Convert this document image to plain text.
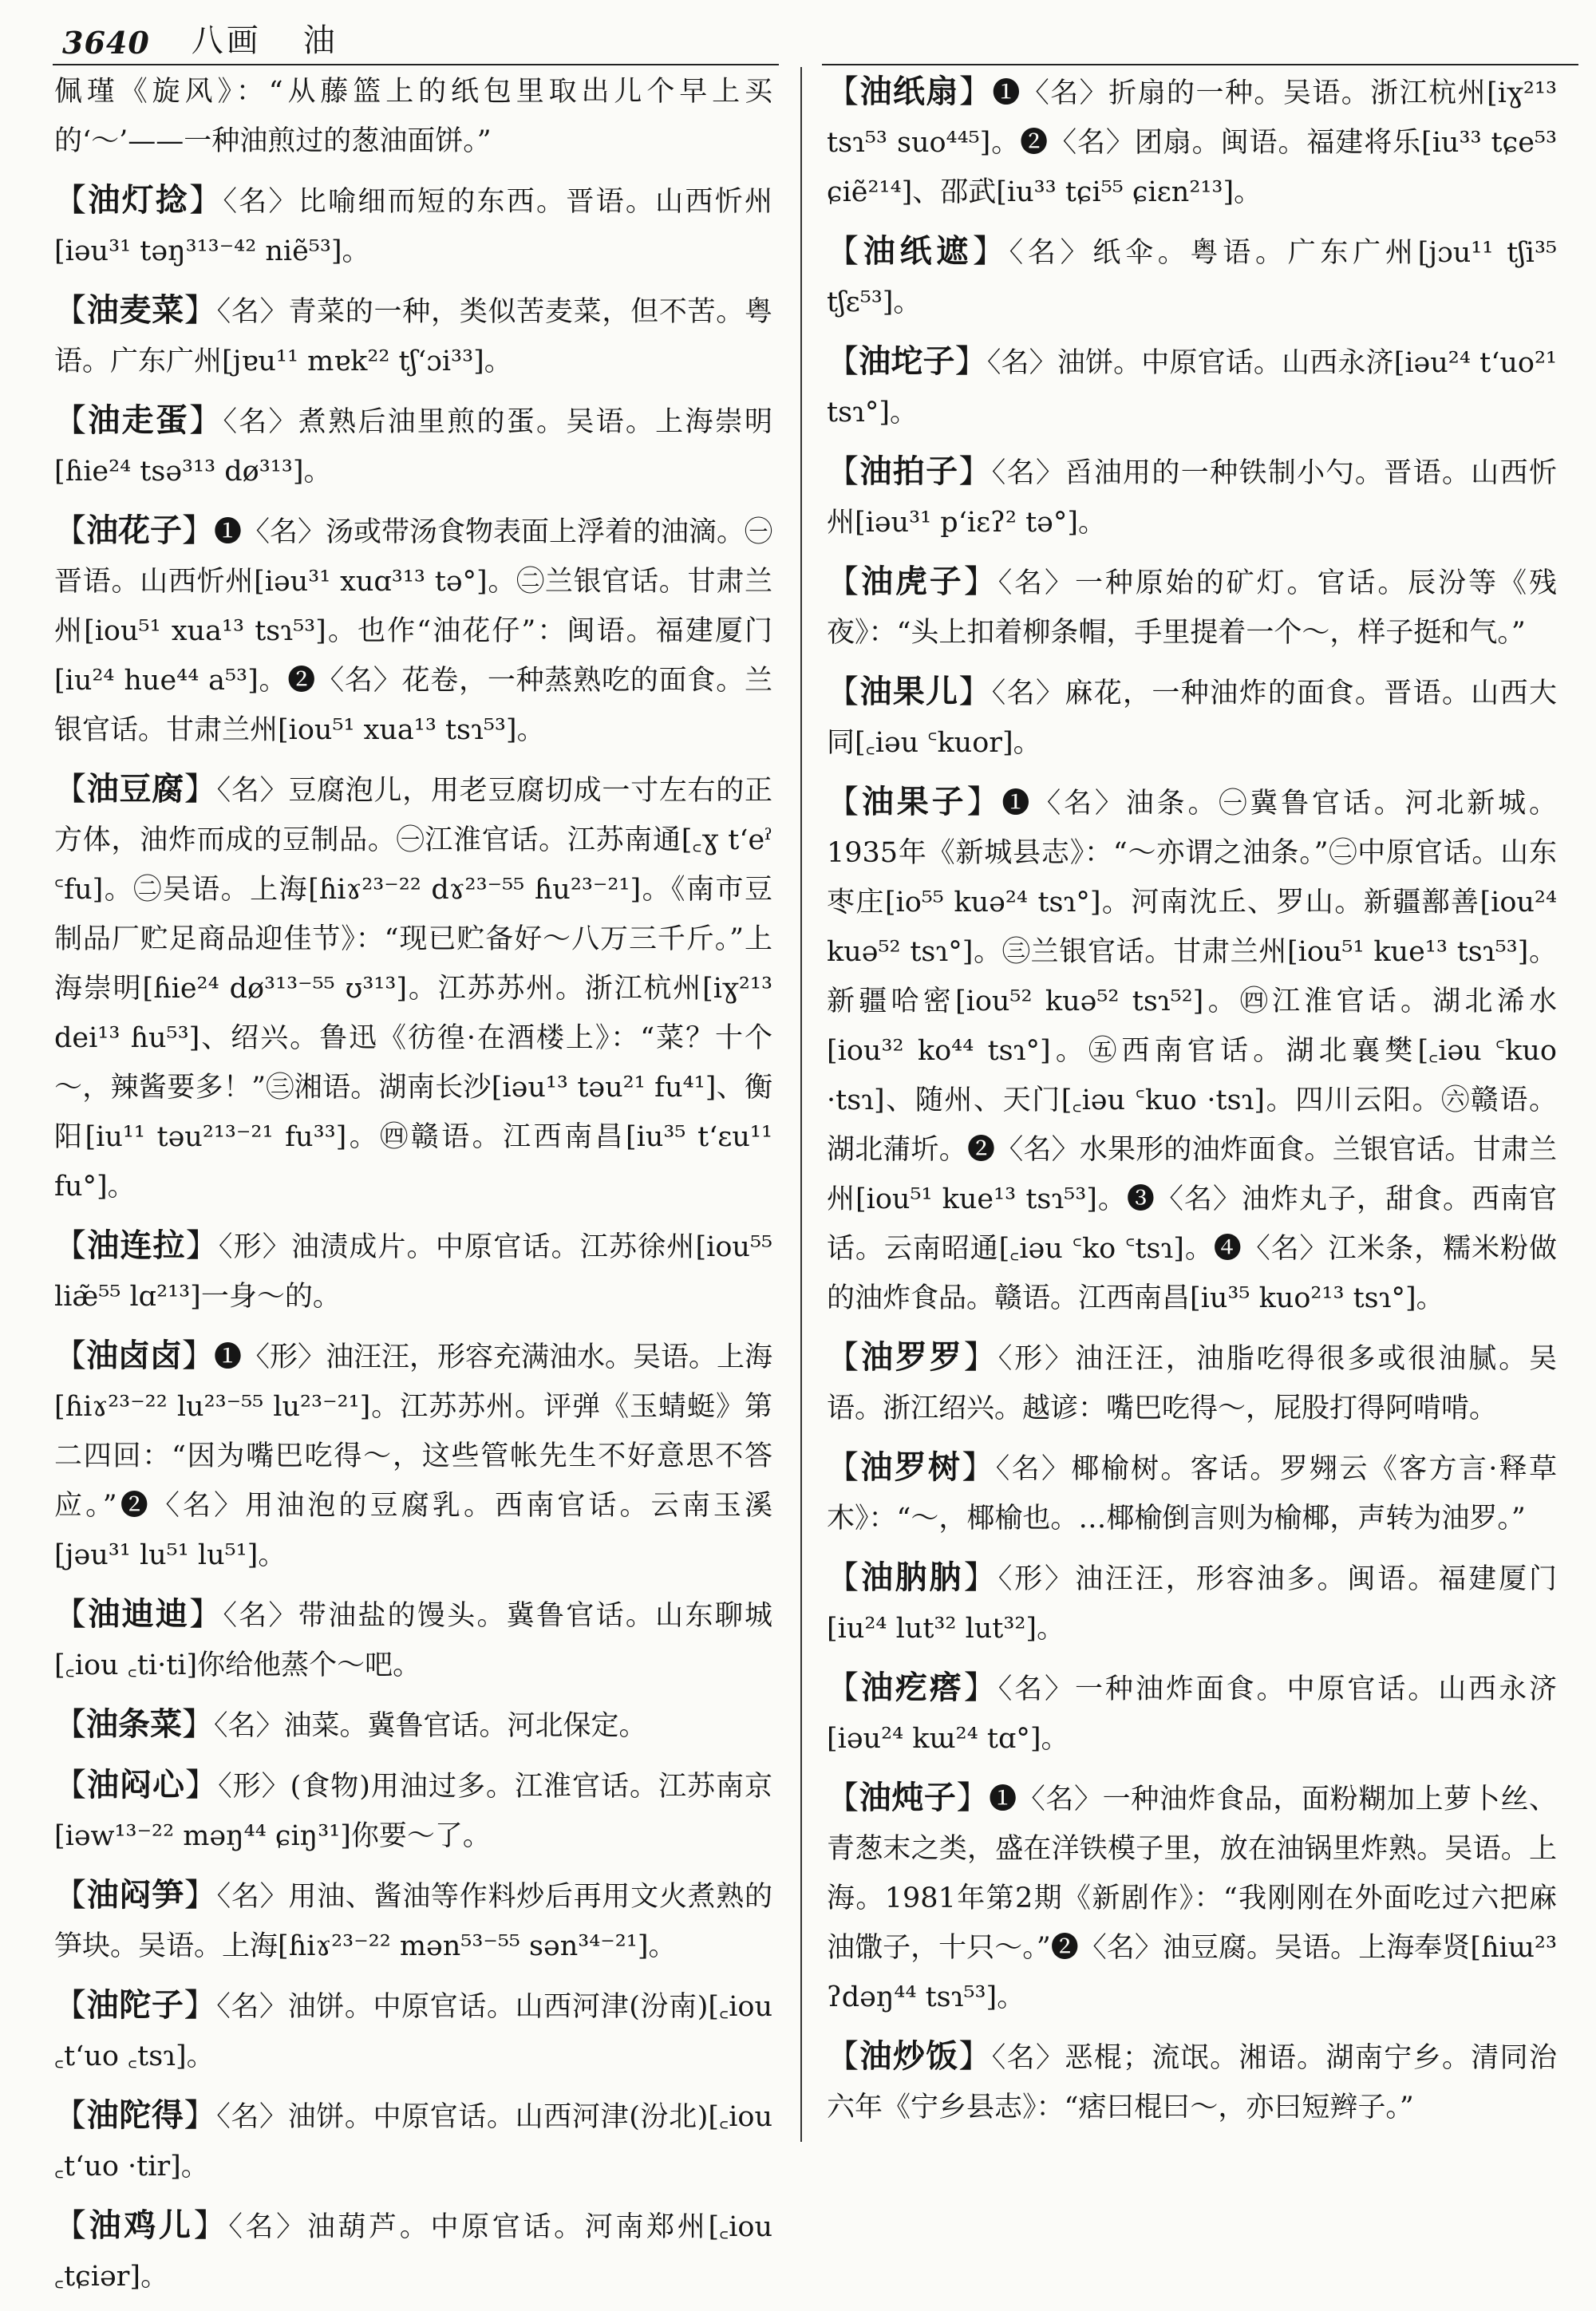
3640 八画 油

佩瑾《旋风》：“从藤篮上的纸包里取出儿个早上买的‘～’——一种油煎过的葱油面饼。”

【 油灯捻 】 〈名〉比喻细而短的东西。晋语。山西忻州[iəu³¹ təŋ³¹³⁻⁴² niẽ⁵³]。

【 油麦菜 】 〈名〉青菜的一种，类似苦麦菜，但不苦。粤语。广东广州[jɐu¹¹ mɐk²² tʃʻɔi³³]。

【 油走蛋 】 〈名〉煮熟后油里煎的蛋。吴语。上海崇明[ɦie²⁴ tsə³¹³ dø³¹³]。

【 油花子 】 ❶〈名〉汤或带汤食物表面上浮着的油滴。㊀晋语。山西忻州[iəu³¹ xuɑ³¹³ tə°]。㊁兰银官话。甘肃兰州[iou⁵¹ xua¹³ tsɿ⁵³]。也作“油花仔”：闽语。福建厦门[iu²⁴ hue⁴⁴ a⁵³]。❷〈名〉花卷，一种蒸熟吃的面食。兰银官话。甘肃兰州[iou⁵¹ xua¹³ tsɿ⁵³]。

【 油豆腐 】 〈名〉豆腐泡儿，用老豆腐切成一寸左右的正方体，油炸而成的豆制品。㊀江淮官话。江苏南通[꜀ɣ tʻeˀ ꜂fu]。㊁吴语。上海[ɦiɤ²³⁻²² dɤ²³⁻⁵⁵ ɦu²³⁻²¹]。《南市豆制品厂贮足商品迎佳节》：“现已贮备好～八万三千斤。”上海崇明[ɦie²⁴ dø³¹³⁻⁵⁵ ʊ³¹³]。江苏苏州。浙江杭州[iɣ²¹³ dei¹³ ɦu⁵³]、绍兴。鲁迅《彷徨·在酒楼上》：“菜？十个～，辣酱要多！”㊂湘语。湖南长沙[iəu¹³ təu²¹ fu⁴¹]、衡阳[iu¹¹ təu²¹³⁻²¹ fu³³]。㊃赣语。江西南昌[iu³⁵ tʻɛu¹¹ fu°]。

【 油连拉 】 〈形〉油渍成片。中原官话。江苏徐州[iou⁵⁵ liæ̃⁵⁵ lɑ²¹³]一身～的。

【 油卤卤 】 ❶〈形〉油汪汪，形容充满油水。吴语。上海[ɦiɤ²³⁻²² lu²³⁻⁵⁵ lu²³⁻²¹]。江苏苏州。评弹《玉蜻蜓》第二四回：“因为嘴巴吃得～，这些管帐先生不好意思不答应。”❷〈名〉用油泡的豆腐乳。西南官话。云南玉溪[jəu³¹ lu⁵¹ lu⁵¹]。

【 油迪迪 】 〈名〉带油盐的馒头。冀鲁官话。山东聊城[꜀iou ꜀ti·ti]你给他蒸个～吧。

【 油条菜 】 〈名〉油菜。冀鲁官话。河北保定。

【 油闷心 】 〈形〉(食物)用油过多。江淮官话。江苏南京[iəw¹³⁻²² məŋ⁴⁴ ɕiŋ³¹]你要～了。

【 油闷笋 】 〈名〉用油、酱油等作料炒后再用文火煮熟的笋块。吴语。上海[ɦiɤ²³⁻²² mən⁵³⁻⁵⁵ sən³⁴⁻²¹]。

【 油陀子 】 〈名〉油饼。中原官话。山西河津(汾南)[꜀iou ꜀tʻuo ꜀tsɿ]。

【 油陀得 】 〈名〉油饼。中原官话。山西河津(汾北)[꜀iou ꜀tʻuo ·tir]。

【 油鸡儿 】 〈名〉油葫芦。中原官话。河南郑州[꜀iou ꜀tɕiər]。

【 油纸扇 】 ❶〈名〉折扇的一种。吴语。浙江杭州[iɣ²¹³ tsɿ⁵³ suo⁴⁴⁵]。❷〈名〉团扇。闽语。福建将乐[iu³³ tɕe⁵³ ɕiẽ²¹⁴]、邵武[iu³³ tɕi⁵⁵ ɕiɛn²¹³]。

【 油纸遮 】 〈名〉纸伞。粤语。广东广州[jɔu¹¹ tʃi³⁵ tʃɛ⁵³]。

【 油坨子 】 〈名〉油饼。中原官话。山西永济[iəu²⁴ tʻuo²¹ tsɿ°]。

【 油拍子 】 〈名〉舀油用的一种铁制小勺。晋语。山西忻州[iəu³¹ pʻiɛʔ² tə°]。

【 油虎子 】 〈名〉一种原始的矿灯。官话。辰汾等《残夜》：“头上扣着柳条帽，手里提着一个～，样子挺和气。”

【 油果儿 】 〈名〉麻花，一种油炸的面食。晋语。山西大同[꜀iəu ꜂kuor]。

【 油果子 】 ❶〈名〉油条。㊀冀鲁官话。河北新城。1935年《新城县志》：“～亦谓之油条。”㊁中原官话。山东枣庄[io⁵⁵ kuə²⁴ tsɿ°]。河南沈丘、罗山。新疆鄯善[iou²⁴ kuə⁵² tsɿ°]。㊂兰银官话。甘肃兰州[iou⁵¹ kue¹³ tsɿ⁵³]。新疆哈密[iou⁵² kuə⁵² tsɿ⁵²]。㊃江淮官话。湖北浠水[iou³² ko⁴⁴ tsɿ°]。㊄西南官话。湖北襄樊[꜀iəu ꜂kuo ·tsɿ]、随州、天门[꜀iəu ꜂kuo ·tsɿ]。四川云阳。㊅赣语。湖北蒲圻。❷〈名〉水果形的油炸面食。兰银官话。甘肃兰州[iou⁵¹ kue¹³ tsɿ⁵³]。❸〈名〉油炸丸子，甜食。西南官话。云南昭通[꜀iəu ꜂ko ꜂tsɿ]。❹〈名〉江米条，糯米粉做的油炸食品。赣语。江西南昌[iu³⁵ kuo²¹³ tsɿ°]。

【 油罗罗 】 〈形〉油汪汪，油脂吃得很多或很油腻。吴语。浙江绍兴。越谚：嘴巴吃得～，屁股打得阿啃啃。

【 油罗树 】 〈名〉椰榆树。客话。罗翙云《客方言·释草木》：“～，椰榆也。…椰榆倒言则为榆椰，声转为油罗。”

【 油肭肭 】 〈形〉油汪汪，形容油多。闽语。福建厦门[iu²⁴ lut³² lut³²]。

【 油疙瘩 】 〈名〉一种油炸面食。中原官话。山西永济[iəu²⁴ kɯ²⁴ tɑ°]。

【 油炖子 】 ❶〈名〉一种油炸食品，面粉糊加上萝卜丝、青葱末之类，盛在洋铁模子里，放在油锅里炸熟。吴语。上海。1981年第2期《新剧作》：“我刚刚在外面吃过六把麻油馓子，十只～。”❷〈名〉油豆腐。吴语。上海奉贤[ɦiɯ²³ ʔdəŋ⁴⁴ tsɿ⁵³]。

【 油炒饭 】 〈名〉恶棍；流氓。湘语。湖南宁乡。清同治六年《宁乡县志》：“痞曰棍曰～，亦曰短辫子。”
